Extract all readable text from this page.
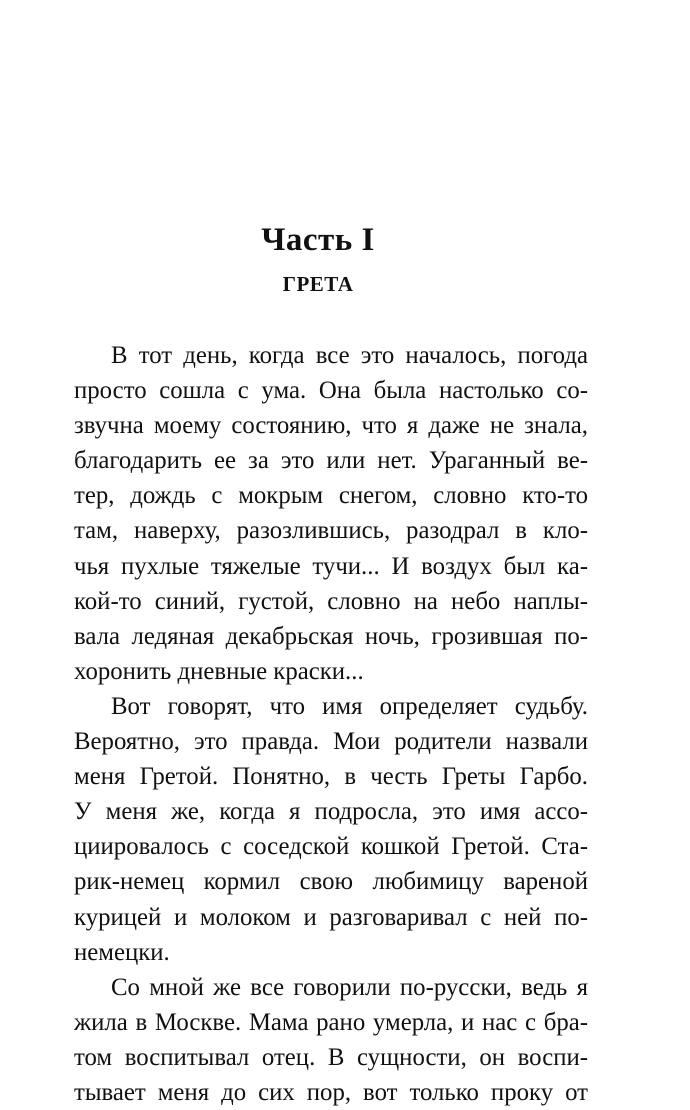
Часть I
ГРЕТА
В тот день, когда все это началось, погода
просто сошла с ума. Она была настолько со-
звучна моему состоянию, что я даже не знала,
благодарить ее за это или нет. Ураганный ве-
тер, дождь с мокрым снегом, словно кто-то
там, наверху, разозлившись, разодрал в кло-
чья пухлые тяжелые тучи... И воздух был ка-
кой-то синий, густой, словно на небо наплы-
вала ледяная декабрьская ночь, грозившая по-
хоронить дневные краски...
Вот говорят, что имя определяет судьбу.
Вероятно, это правда. Мои родители назвали
меня Гретой. Понятно, в честь Греты Гарбо.
У меня же, когда я подросла, это имя ассо-
циировалось с соседской кошкой Гретой. Ста-
рик-немец кормил свою любимицу вареной
курицей и молоком и разговаривал с ней по-
немецки.
Со мной же все говорили по-русски, ведь я
жила в Москве. Мама рано умерла, и нас с бра-
том воспитывал отец. В сущности, он воспи-
тывает меня до сих пор, вот только проку от
